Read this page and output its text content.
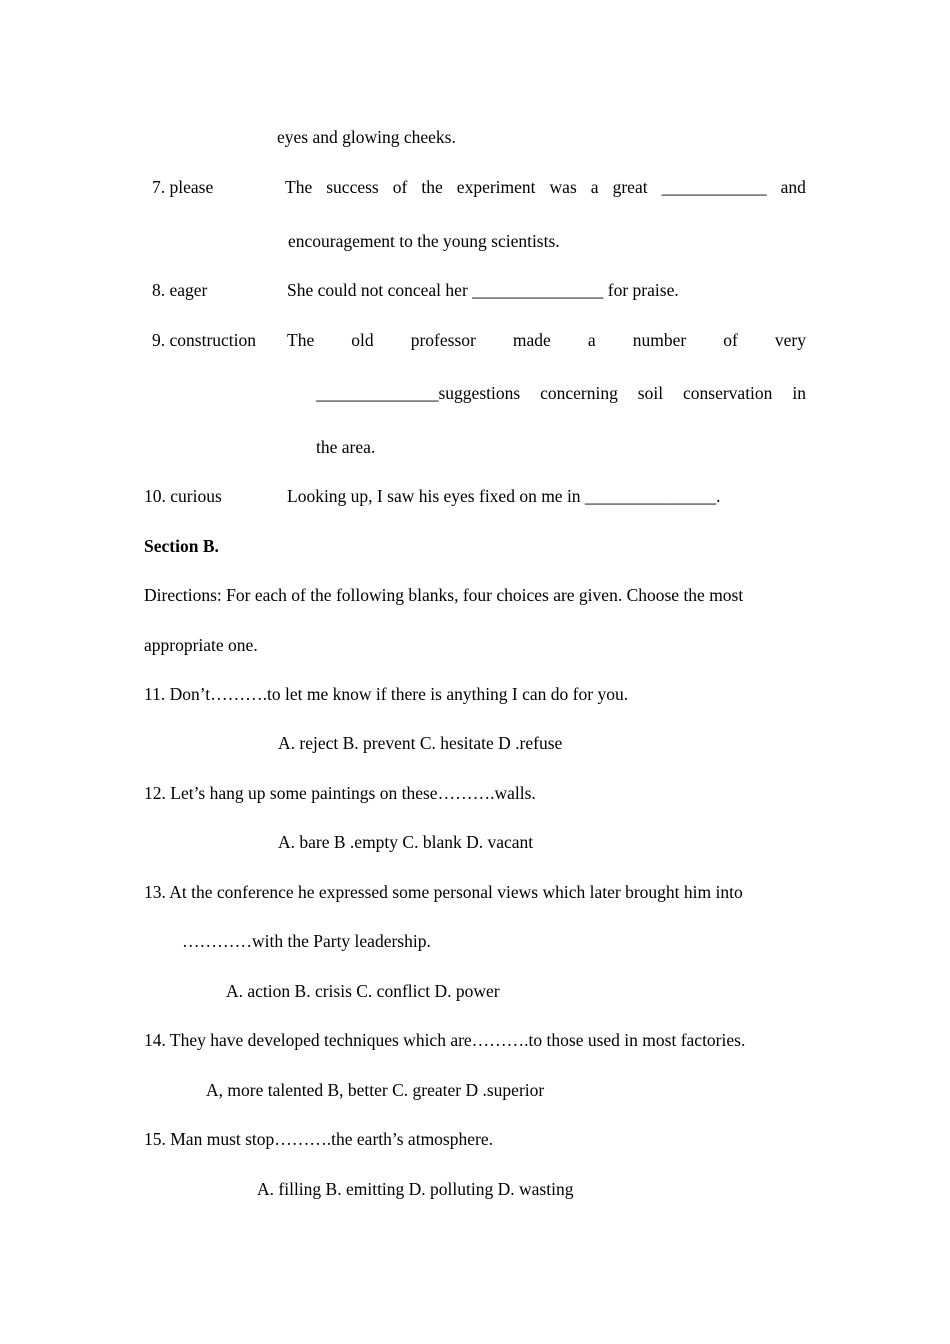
eyes and glowing cheeks.
7. please	The success of the experiment was a great ____________ and
encouragement to the young scientists.
8. eager	She could not conceal her _______________ for praise.
9. construction The old professor made a number of very
______________suggestions concerning soil conservation in
the area.
10. curious	Looking up, I saw his eyes fixed on me in _______________.
Section B.
Directions: For each of the following blanks, four choices are given. Choose the most
appropriate one.
11. Don’t……….to let me know if there is anything I can do for you.
A. reject B. prevent C. hesitate D .refuse
12. Let’s hang up some paintings on these……….walls.
A. bare B .empty C. blank D. vacant
13. At the conference he expressed some personal views which later brought him into
…………with the Party leadership.
A. action B. crisis C. conflict D. power
14. They have developed techniques which are……….to those used in most factories.
A, more talented B, better C. greater D .superior
15. Man must stop……….the earth’s atmosphere.
A. filling B. emitting D. polluting D. wasting
